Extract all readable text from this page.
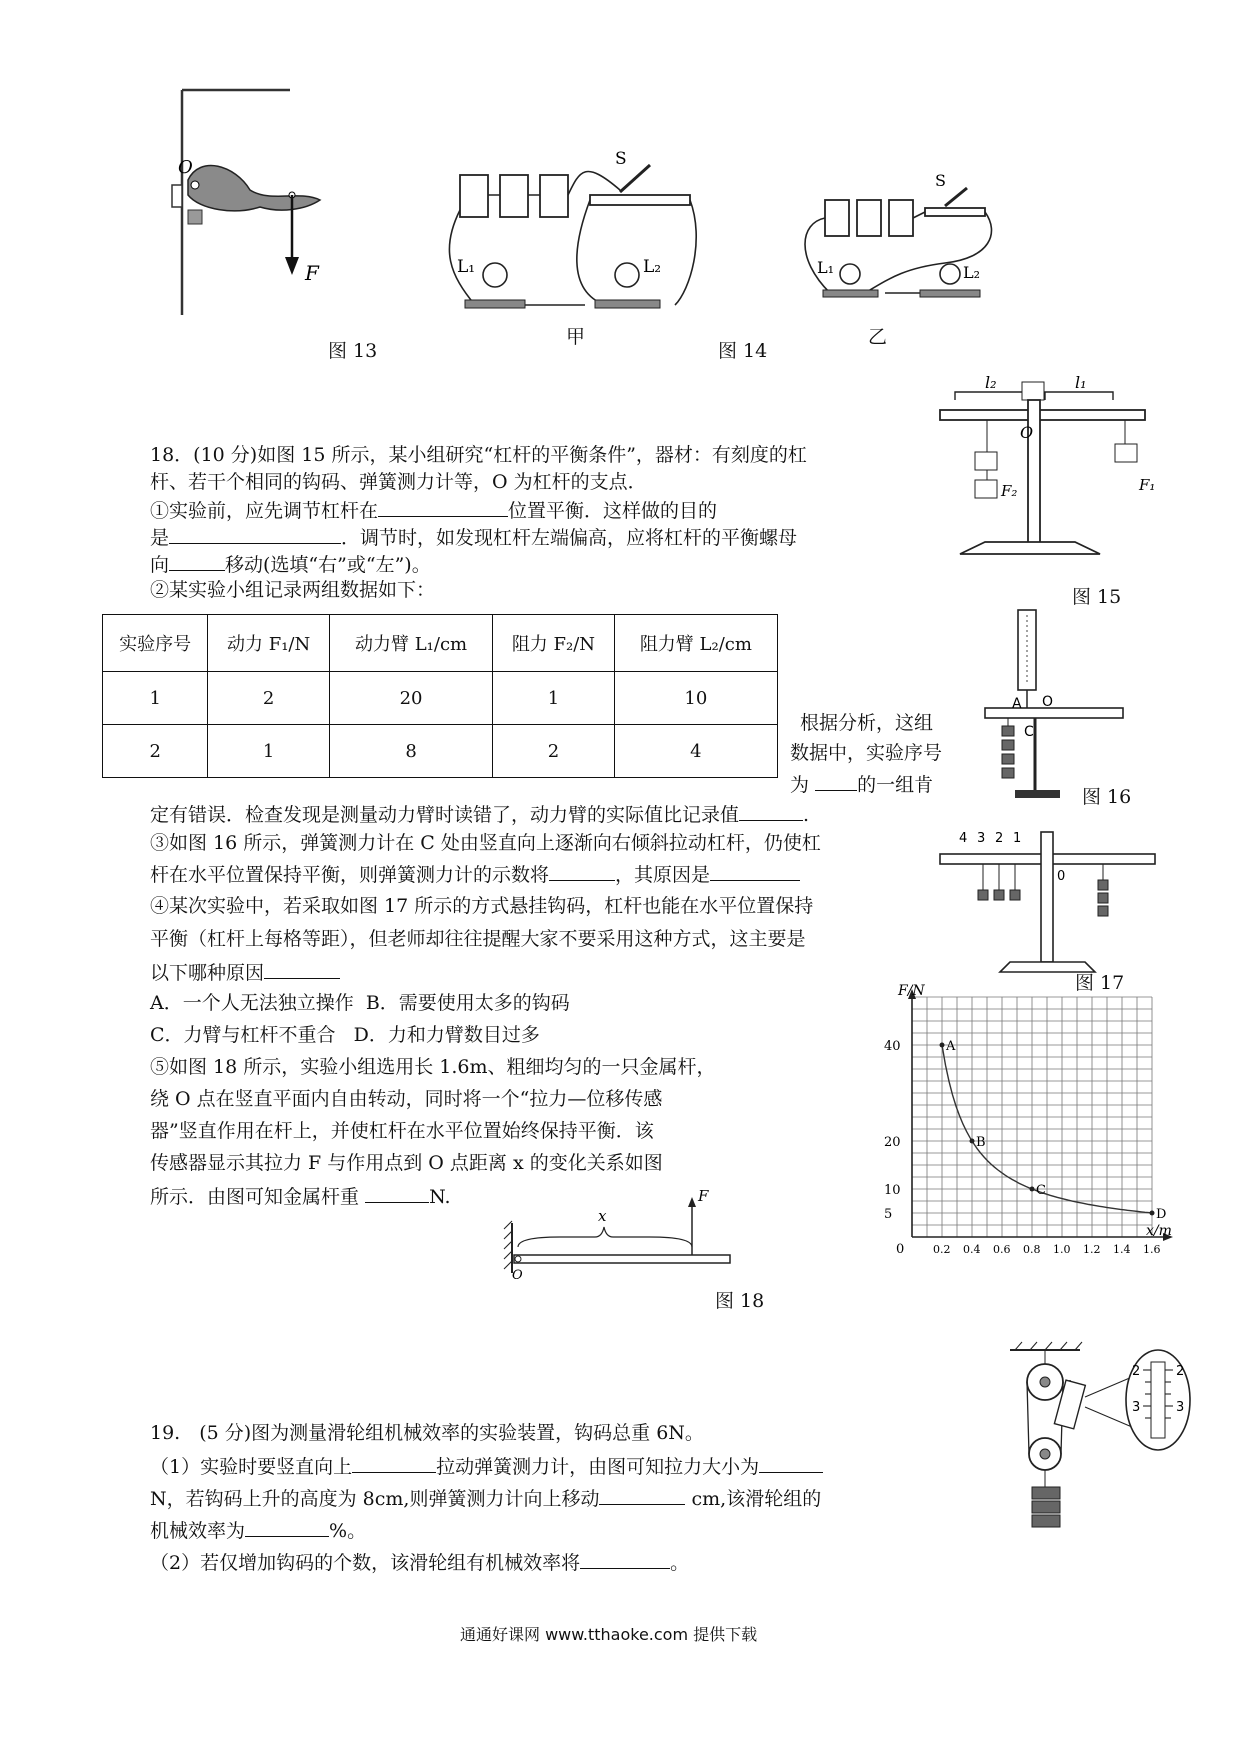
O
F
图 13
S
L₁	L₂
甲
S
L₁	L₂
图 14
乙
l₂	l₁
O
F₂	F₁
图 15
18．(10 分)如图 15 所示，某小组研究“杠杆的平衡条件”，器材：有刻度的杠
杆、若干个相同的钩码、弹簧测力计等，O 为杠杆的支点．
①实验前，应先调节杠杆在	位置平衡．这样做的目的
是	．调节时，如发现杠杆左端偏高，应将杠杆的平衡螺母
向	移动(选填“右”或“左”)。
②某实验小组记录两组数据如下：
实验序号	动力 F₁/N	动力臂 L₁/cm	阻力 F₂/N	阻力臂 L₂/cm
1	2	20	1	10
2	1	8	2	4
根据分析，这组
数据中，实验序号
为	的一组肯
A O
C
图 16
定有错误．检查发现是测量动力臂时读错了，动力臂的实际值比记录值	.
③如图 16 所示，弹簧测力计在 C 处由竖直向上逐渐向右倾斜拉动杠杆，仍使杠
杆在水平位置保持平衡，则弹簧测力计的示数将	，其原因是
4 3 2 1
0
图 17
④某次实验中，若采取如图 17 所示的方式悬挂钩码，杠杆也能在水平位置保持
平衡（杠杆上每格等距），但老师却往往提醒大家不要采用这种方式，这主要是
以下哪种原因
A．一个人无法独立操作 B．需要使用太多的钩码
C．力臂与杠杆不重合 D．力和力臂数目过多
⑤如图 18 所示，实验小组选用长 1.6m、粗细均匀的一只金属杆，
绕 O 点在竖直平面内自由转动，同时将一个“拉力—位移传感
器”竖直作用在杆上，并使杠杆在水平位置始终保持平衡．该
传感器显示其拉力 F 与作用点到 O 点距离 x 的变化关系如图
所示．由图可知金属杆重	N.
x
F
O
图 18
F/N
x/m
0.2 0.4 0.6 0.8 1.0 1.2 1.4 1.6
0
5
10
20
40	A
B
C
D
2	2
3	3
19.　(5 分)图为测量滑轮组机械效率的实验装置，钩码总重 6N。
（1）实验时要竖直向上	拉动弹簧测力计，由图可知拉力大小为
N，若钩码上升的高度为 8cm,则弹簧测力计向上移动	cm,该滑轮组的
机械效率为	%。
（2）若仅增加钩码的个数，该滑轮组有机械效率将	。
通通好课网 www.tthaoke.com 提供下载
